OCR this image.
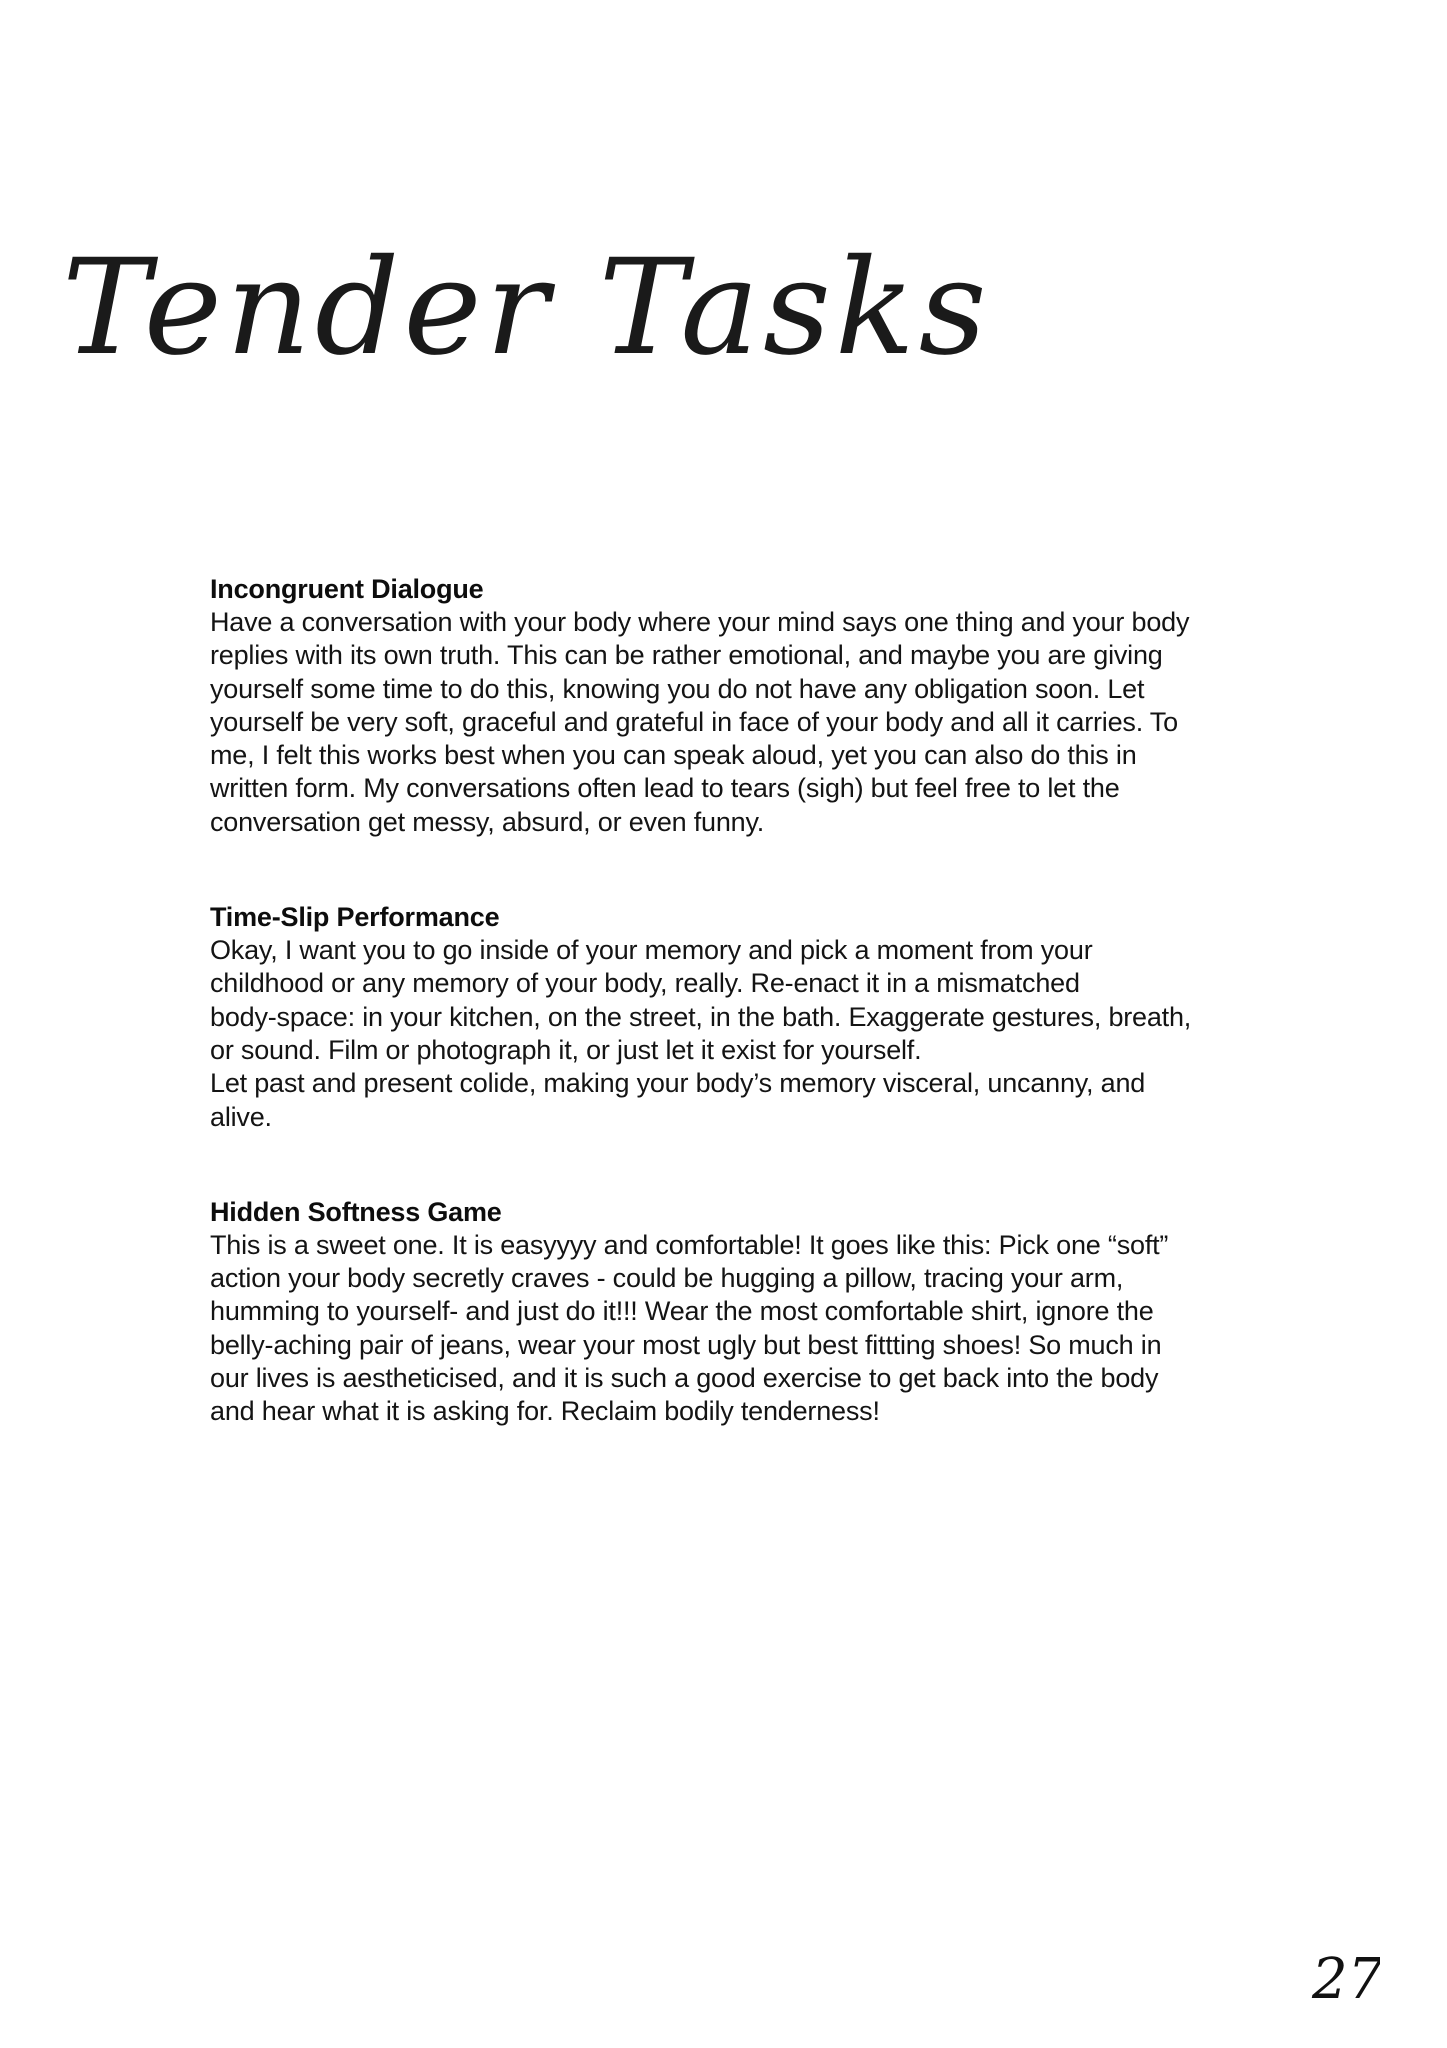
Tender Tasks
Incongruent Dialogue

Have a conversation with your body where your mind says one thing and your body
replies with its own truth. This can be rather emotional, and maybe you are giving
yourself some time to do this, knowing you do not have any obligation soon. Let
yourself be very soft, graceful and grateful in face of your body and all it carries. To
me, I felt this works best when you can speak aloud, yet you can also do this in
written form. My conversations often lead to tears (sigh) but feel free to let the
conversation get messy, absurd, or even funny.

Time-Slip Performance

Okay, I want you to go inside of your memory and pick a moment from your
childhood or any memory of your body, really. Re-enact it in a mismatched
body-space: in your kitchen, on the street, in the bath. Exaggerate gestures, breath,
or sound. Film or photograph it, or just let it exist for yourself.
Let past and present colide, making your body’s memory visceral, uncanny, and
alive.

Hidden Softness Game

This is a sweet one. It is easyyyy and comfortable! It goes like this: Pick one “soft”
action your body secretly craves - could be hugging a pillow, tracing your arm,
humming to yourself- and just do it!!! Wear the most comfortable shirt, ignore the
belly-aching pair of jeans, wear your most ugly but best fittting shoes! So much in
our lives is aestheticised, and it is such a good exercise to get back into the body
and hear what it is asking for. Reclaim bodily tenderness!

27
